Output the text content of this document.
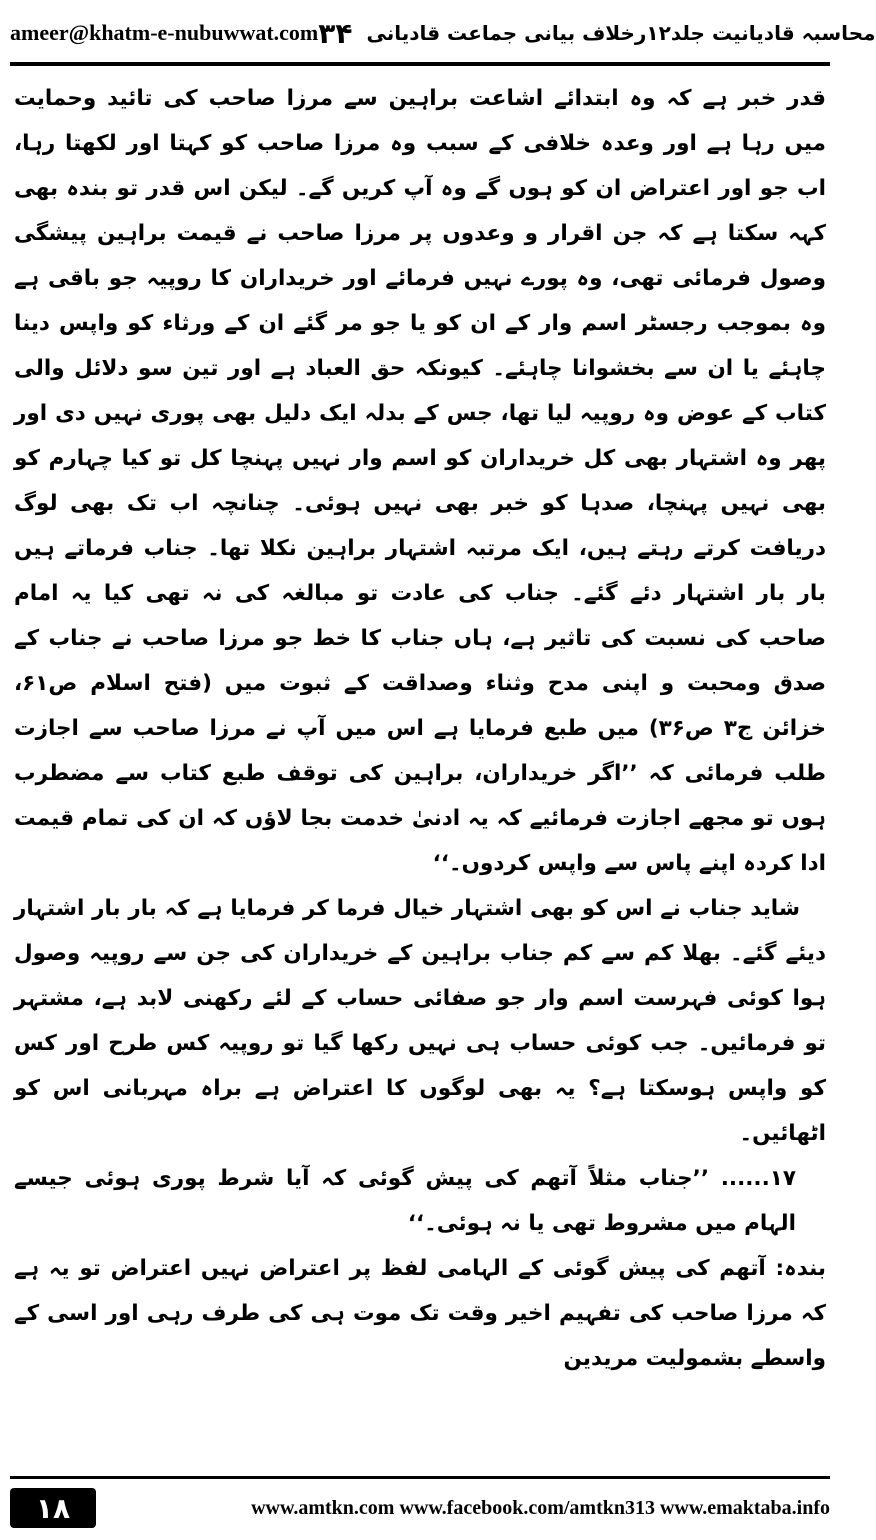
ameer@khatm-e-nubuwwat.com محاسبہ قادیانیت جلد۱۲رخلاف بیانی جماعت قادیانی
۳۴

قدر خبر ہے کہ وہ ابتدائے اشاعت براہین سے مرزا صاحب کی تائید وحمایت میں رہا ہے اور وعدہ خلافی کے سبب وہ مرزا صاحب کو کہتا اور لکھتا رہا، اب جو اور اعتراض ان کو ہوں گے وہ آپ کریں گے۔ لیکن اس قدر تو بندہ بھی کہہ سکتا ہے کہ جن اقرار و وعدوں پر مرزا صاحب نے قیمت براہین پیشگی وصول فرمائی تھی، وہ پورے نہیں فرمائے اور خریداران کا روپیہ جو باقی ہے وہ بموجب رجسٹر اسم وار کے ان کو یا جو مر گئے ان کے ورثاء کو واپس دینا چاہئے یا ان سے بخشوانا چاہئے۔ کیونکہ حق العباد ہے اور تین سو دلائل والی کتاب کے عوض وہ روپیہ لیا تھا، جس کے بدلہ ایک دلیل بھی پوری نہیں دی اور پھر وہ اشتہار بھی کل خریداران کو اسم وار نہیں پہنچا کل تو کیا چہارم کو بھی نہیں پہنچا، صدہا کو خبر بھی نہیں ہوئی۔ چنانچہ اب تک بھی لوگ دریافت کرتے رہتے ہیں، ایک مرتبہ اشتہار براہین نکلا تھا۔ جناب فرماتے ہیں بار بار اشتہار دئے گئے۔ جناب کی عادت تو مبالغہ کی نہ تھی کیا یہ امام صاحب کی نسبت کی تاثیر ہے، ہاں جناب کا خط جو مرزا صاحب نے جناب کے صدق ومحبت و اپنی مدح وثناء وصداقت کے ثبوت میں (فتح اسلام ص۶۱، خزائن ج۳ ص۳۶) میں طبع فرمایا ہے اس میں آپ نے مرزا صاحب سے اجازت طلب فرمائی کہ ’’اگر خریداران، براہین کی توقف طبع کتاب سے مضطرب ہوں تو مجھے اجازت فرمائیے کہ یہ ادنیٰ خدمت بجا لاؤں کہ ان کی تمام قیمت ادا کردہ اپنے پاس سے واپس کردوں۔‘‘

شاید جناب نے اس کو بھی اشتہار خیال فرما کر فرمایا ہے کہ بار بار اشتہار دیئے گئے۔ بھلا کم سے کم جناب براہین کے خریداران کی جن سے روپیہ وصول ہوا کوئی فہرست اسم وار جو صفائی حساب کے لئے رکھنی لابد ہے، مشتہر تو فرمائیں۔ جب کوئی حساب ہی نہیں رکھا گیا تو روپیہ کس طرح اور کس کو واپس ہوسکتا ہے؟ یہ بھی لوگوں کا اعتراض ہے براہ مہربانی اس کو اٹھائیں۔

۱۷...... ’’جناب مثلاً آتھم کی پیش گوئی کہ آیا شرط پوری ہوئی جیسے الہام میں مشروط تھی یا نہ ہوئی۔‘‘

بندہ: آتھم کی پیش گوئی کے الہامی لفظ پر اعتراض نہیں اعتراض تو یہ ہے کہ مرزا صاحب کی تفہیم اخیر وقت تک موت ہی کی طرف رہی اور اسی کے واسطے بشمولیت مریدین

۱۸	www.amtkn.com www.facebook.com/amtkn313 www.emaktaba.info
